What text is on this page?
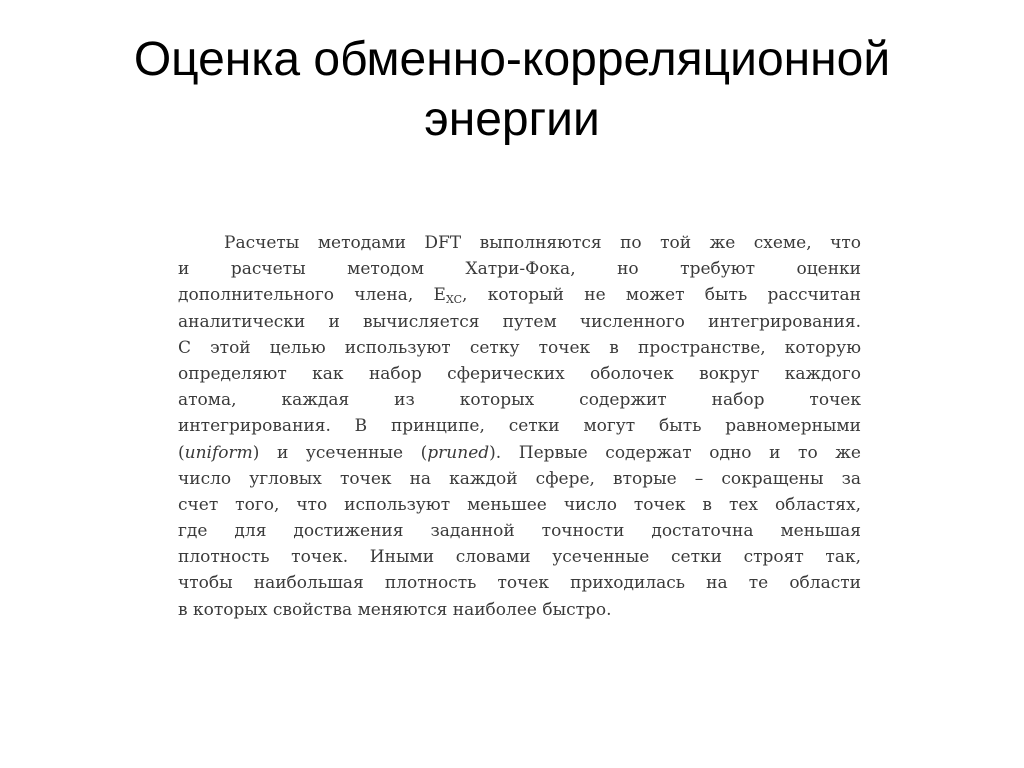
Оценка обменно-корреляционной
энергии
Расчеты методами DFT выполняются по той же схеме, что
и расчеты методом Хатри-Фока, но требуют оценки
дополнительного члена, $E_{XC}$, который не может быть рассчитан
аналитически и вычисляется путем численного интегрирования.
С этой целью используют сетку точек в пространстве, которую
определяют как набор сферических оболочек вокруг каждого
атома, каждая из которых содержит набор точек
интегрирования. В принципе, сетки могут быть равномерными
(uniform) и усеченные (pruned). Первые содержат одно и то же
число угловых точек на каждой сфере, вторые – сокращены за
счет того, что используют меньшее число точек в тех областях,
где для достижения заданной точности достаточна меньшая
плотность точек. Иными словами усеченные сетки строят так,
чтобы наибольшая плотность точек приходилась на те области
в которых свойства меняются наиболее быстро.
